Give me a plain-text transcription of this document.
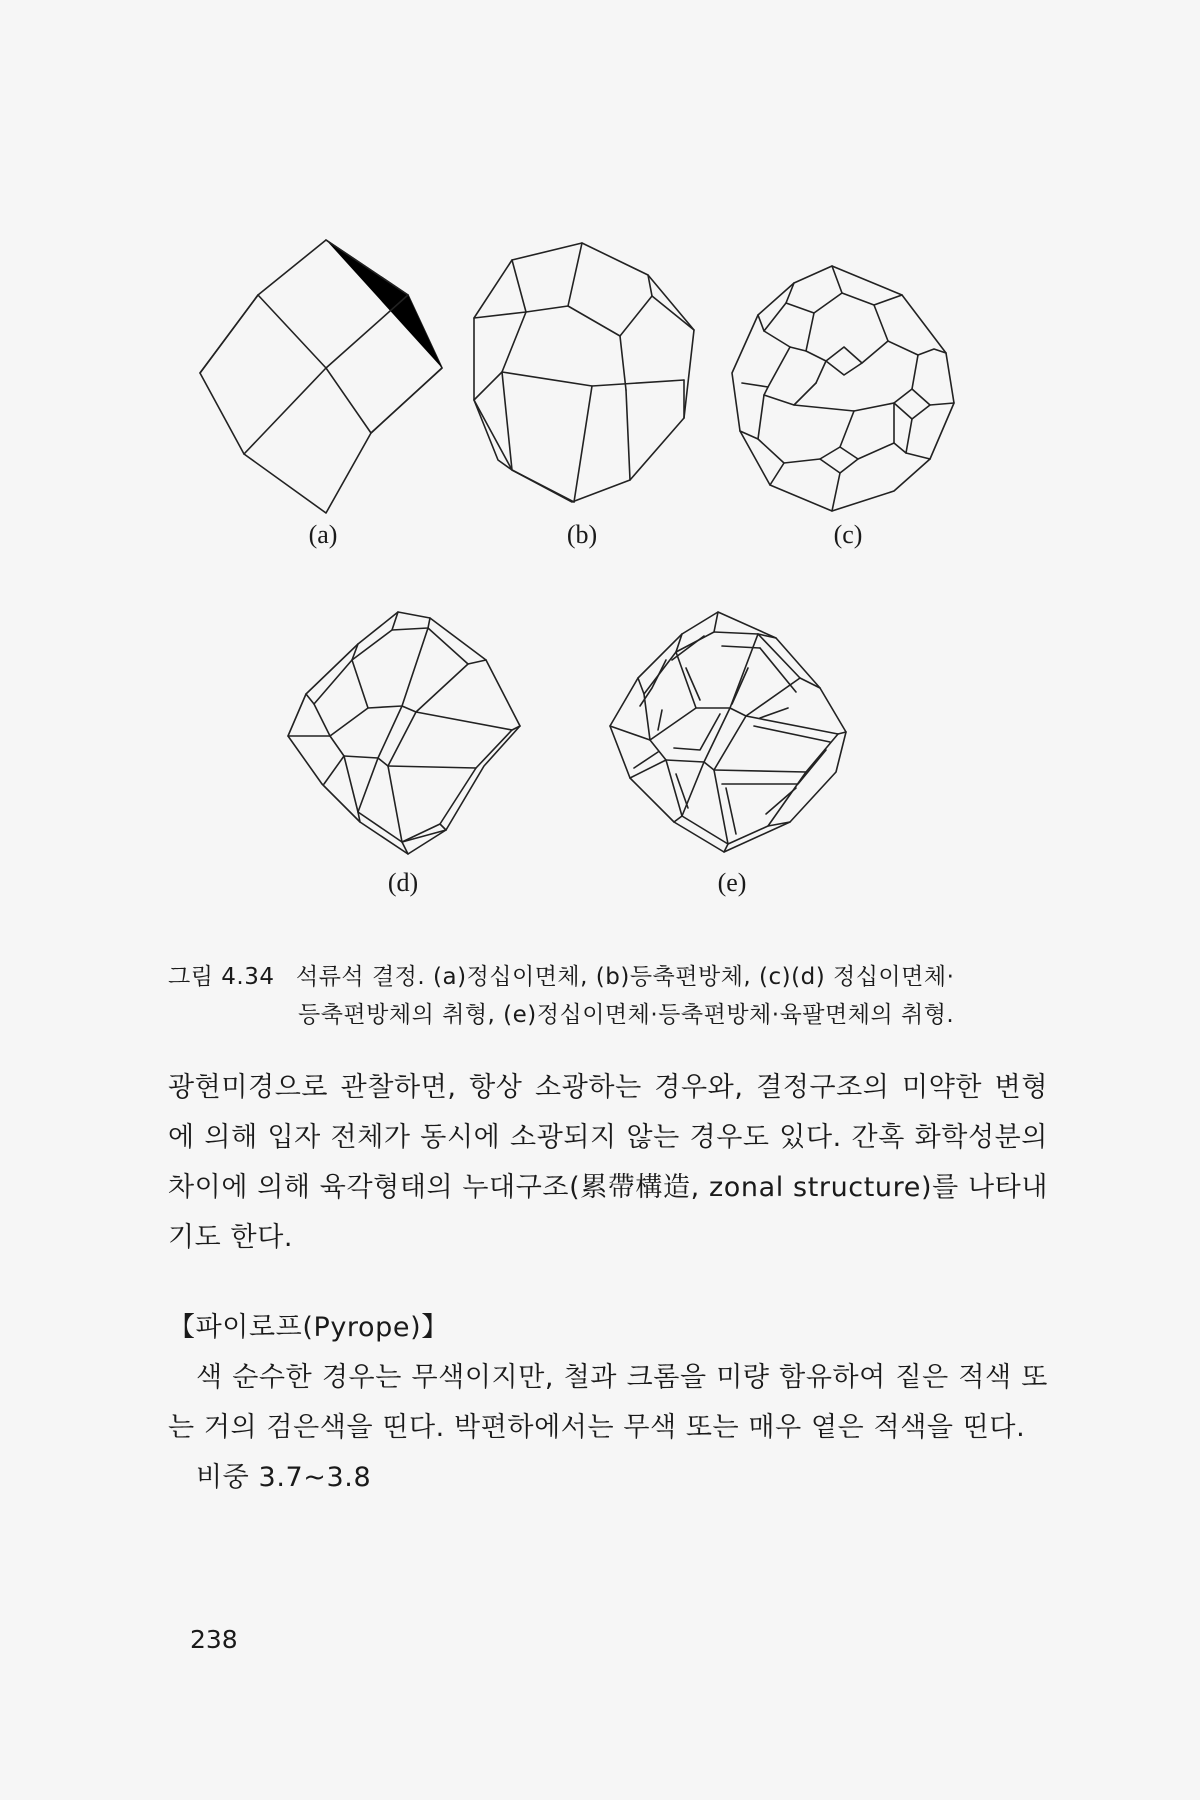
(a)	(b)	(c)
(d)	(e)
그림 4.34 석류석 결정. (a)정십이면체, (b)등축편방체, (c)(d) 정십이면체·
등축편방체의 취형, (e)정십이면체·등축편방체·육팔면체의 취형.
광현미경으로 관찰하면, 항상 소광하는 경우와, 결정구조의 미약한 변형에 의해 입자 전체가 동시에 소광되지 않는 경우도 있다. 간혹 화학성분의 차이에 의해 육각형태의 누대구조(累帶構造, zonal structure)를 나타내기도 한다.
【파이로프(Pyrope)】
색 순수한 경우는 무색이지만, 철과 크롬을 미량 함유하여 짙은 적색 또는 거의 검은색을 띤다. 박편하에서는 무색 또는 매우 옅은 적색을 띤다.
비중 3.7~3.8
238
